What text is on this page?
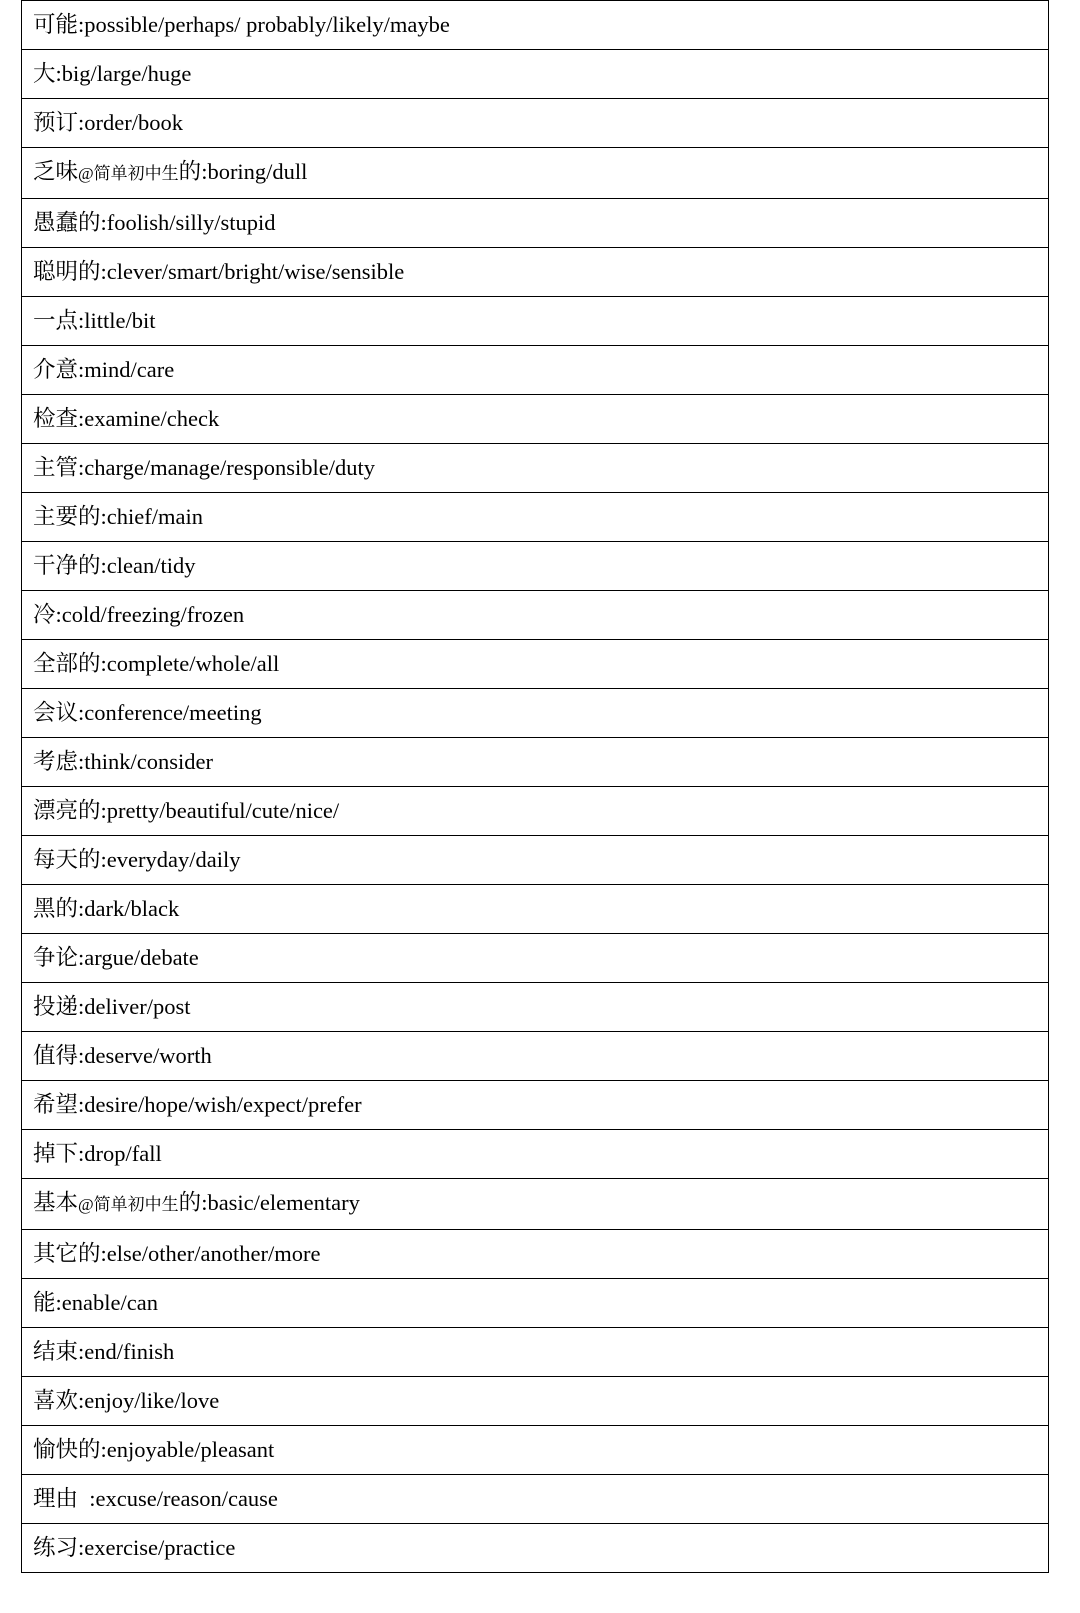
可能:possible/perhaps/ probably/likely/maybe
大:big/large/huge
预订:order/book
乏味@简单初中生的:boring/dull
愚蠢的:foolish/silly/stupid
聪明的:clever/smart/bright/wise/sensible
一点:little/bit
介意:mind/care
检查:examine/check
主管:charge/manage/responsible/duty
主要的:chief/main
干净的:clean/tidy
冷:cold/freezing/frozen
全部的:complete/whole/all
会议:conference/meeting
考虑:think/consider
漂亮的:pretty/beautiful/cute/nice/
每天的:everyday/daily
黑的:dark/black
争论:argue/debate
投递:deliver/post
值得:deserve/worth
希望:desire/hope/wish/expect/prefer
掉下:drop/fall
基本@简单初中生的:basic/elementary
其它的:else/other/another/more
能:enable/can
结束:end/finish
喜欢:enjoy/like/love
愉快的:enjoyable/pleasant
理由  :excuse/reason/cause
练习:exercise/practice
